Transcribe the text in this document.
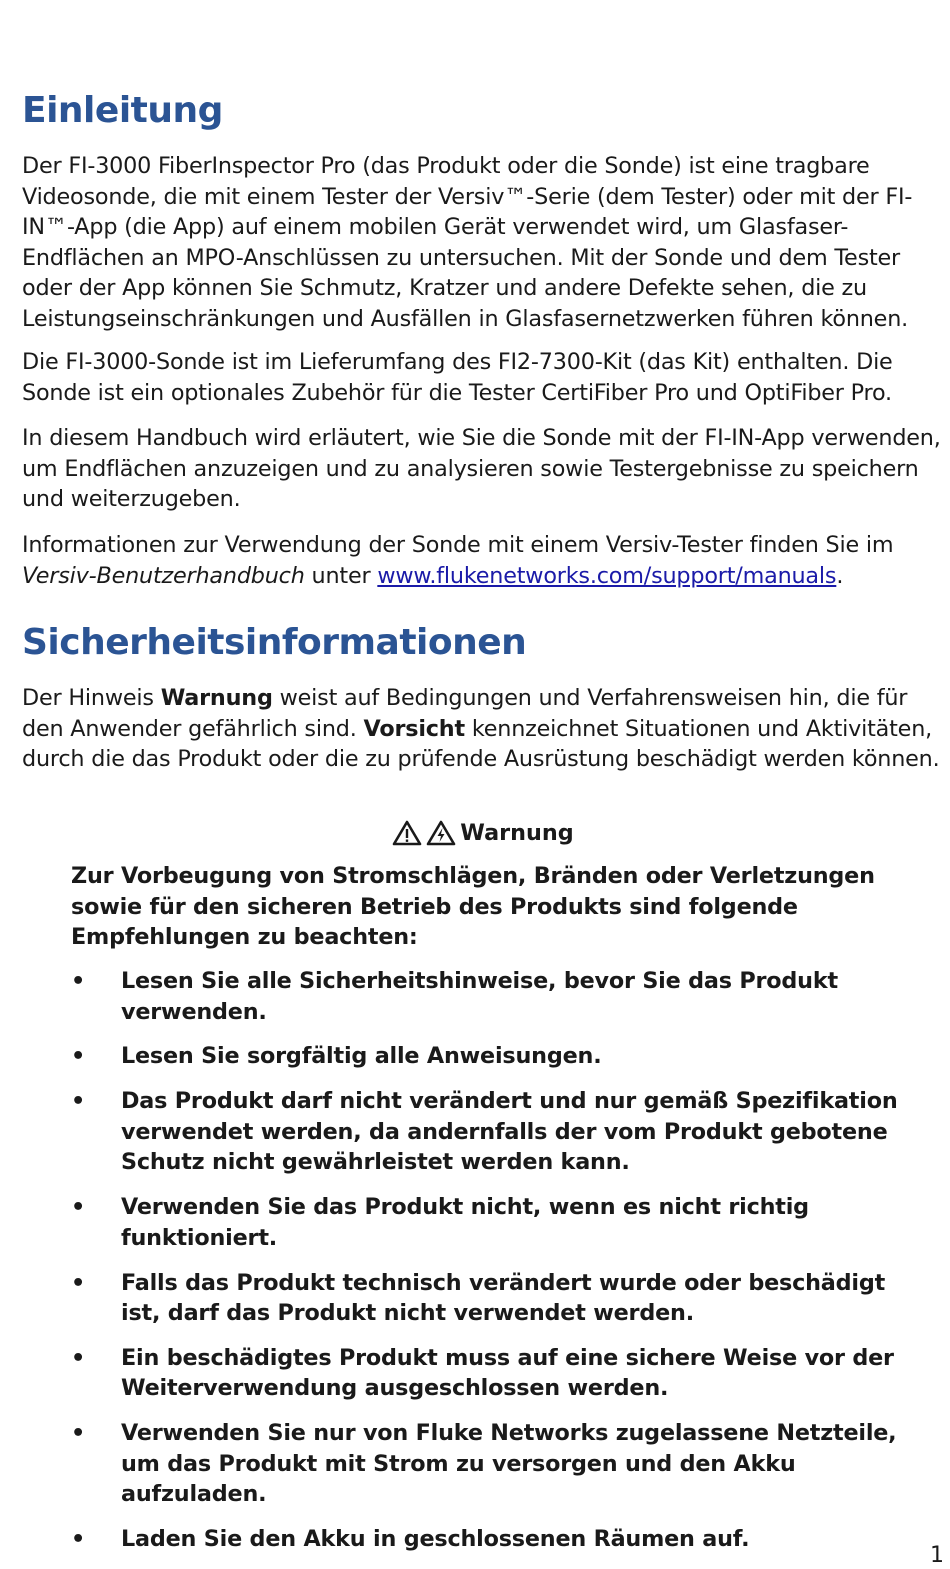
Einleitung

Der FI-3000 FiberInspector Pro (das Produkt oder die Sonde) ist eine tragbare Videosonde, die mit einem Tester der Versiv™-Serie (dem Tester) oder mit der FI-IN™-App (die App) auf einem mobilen Gerät verwendet wird, um Glasfaser-Endflächen an MPO-Anschlüssen zu untersuchen. Mit der Sonde und dem Tester oder der App können Sie Schmutz, Kratzer und andere Defekte sehen, die zu Leistungseinschränkungen und Ausfällen in Glasfasernetzwerken führen können.

Die FI-3000-Sonde ist im Lieferumfang des FI2-7300-Kit (das Kit) enthalten. Die Sonde ist ein optionales Zubehör für die Tester CertiFiber Pro und OptiFiber Pro.

In diesem Handbuch wird erläutert, wie Sie die Sonde mit der FI-IN-App verwenden, um Endflächen anzuzeigen und zu analysieren sowie Testergebnisse zu speichern und weiterzugeben.

Informationen zur Verwendung der Sonde mit einem Versiv-Tester finden Sie im Versiv-Benutzerhandbuch unter www.flukenetworks.com/support/manuals.

Sicherheitsinformationen

Der Hinweis Warnung weist auf Bedingungen und Verfahrensweisen hin, die für den Anwender gefährlich sind. Vorsicht kennzeichnet Situationen und Aktivitäten, durch die das Produkt oder die zu prüfende Ausrüstung beschädigt werden können.

Warnung

Zur Vorbeugung von Stromschlägen, Bränden oder Verletzungen sowie für den sicheren Betrieb des Produkts sind folgende Empfehlungen zu beachten:

• Lesen Sie alle Sicherheitshinweise, bevor Sie das Produkt verwenden.
• Lesen Sie sorgfältig alle Anweisungen.
• Das Produkt darf nicht verändert und nur gemäß Spezifikation verwendet werden, da andernfalls der vom Produkt gebotene Schutz nicht gewährleistet werden kann.
• Verwenden Sie das Produkt nicht, wenn es nicht richtig funktioniert.
• Falls das Produkt technisch verändert wurde oder beschädigt ist, darf das Produkt nicht verwendet werden.
• Ein beschädigtes Produkt muss auf eine sichere Weise vor der Weiterverwendung ausgeschlossen werden.
• Verwenden Sie nur von Fluke Networks zugelassene Netzteile, um das Produkt mit Strom zu versorgen und den Akku aufzuladen.
• Laden Sie den Akku in geschlossenen Räumen auf.
1
